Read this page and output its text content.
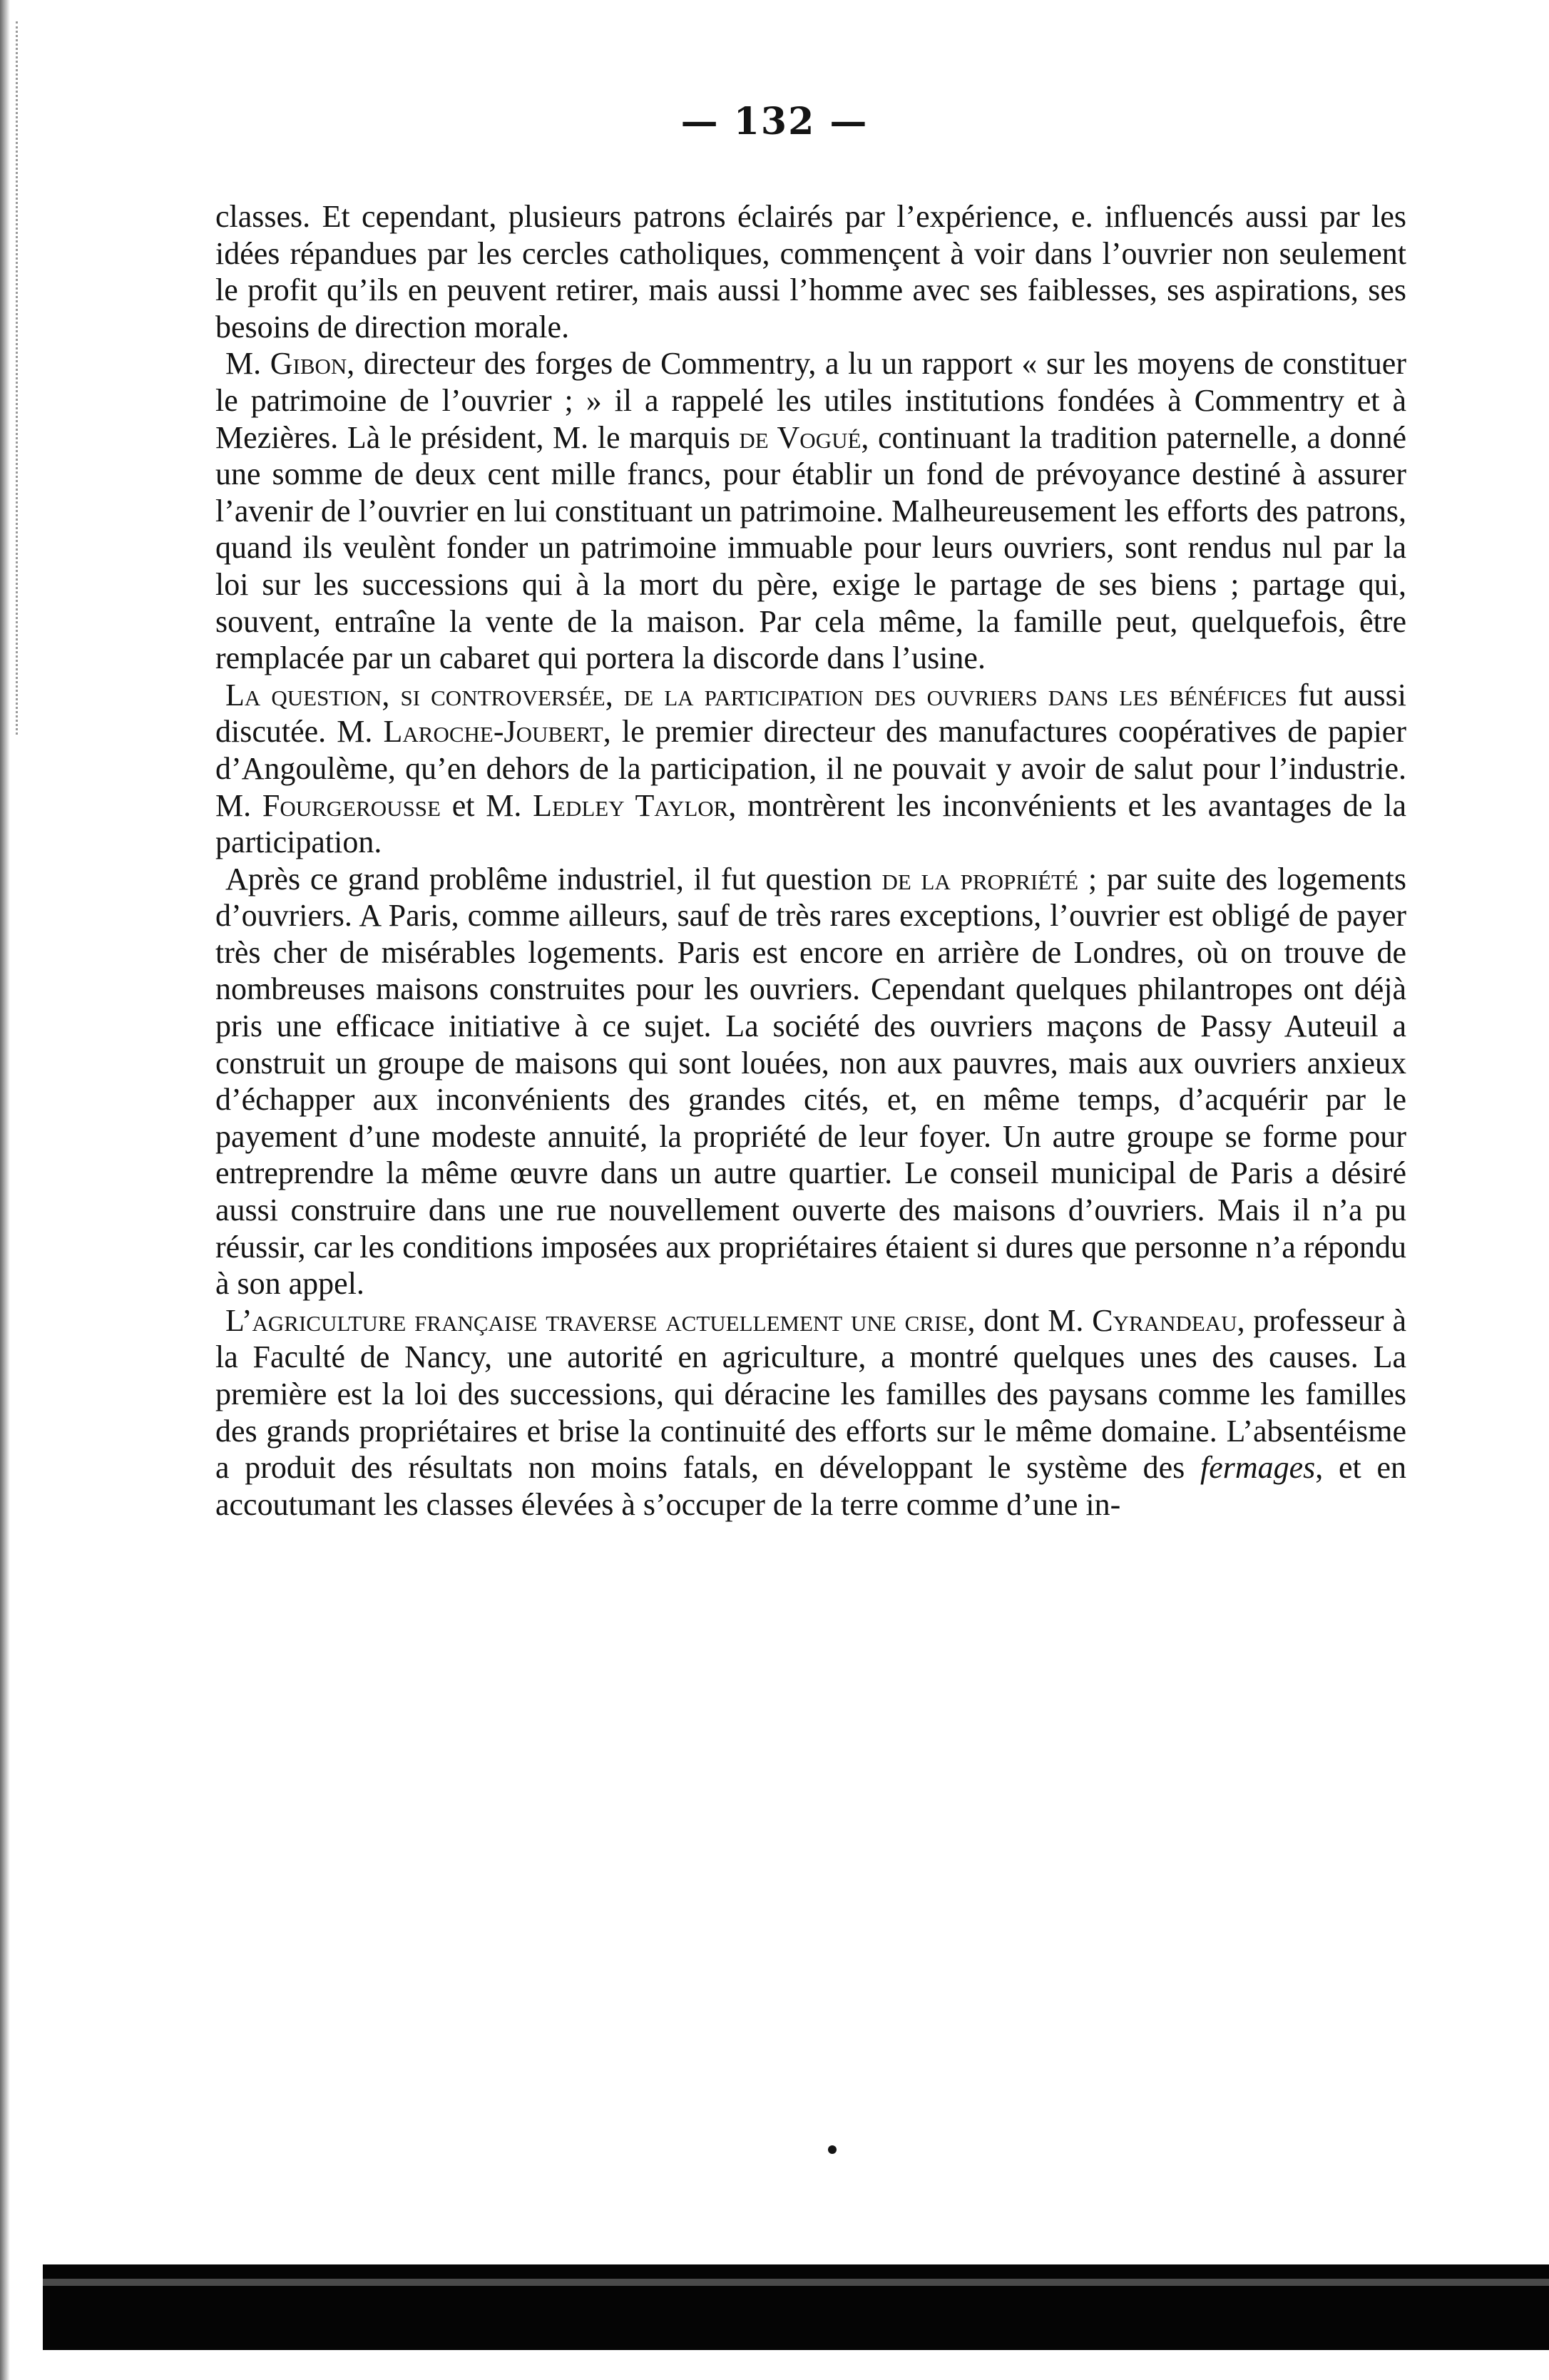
— 132 —

classes. Et cependant, plusieurs patrons éclairés par l’expérience, e. influencés aussi par les idées répandues par les cercles catholiques, commençent à voir dans l’ouvrier non seulement le profit qu’ils en peuvent retirer, mais aussi l’homme avec ses faiblesses, ses aspirations, ses besoins de direction morale.

M. Gibon, directeur des forges de Commentry, a lu un rapport « sur les moyens de constituer le patrimoine de l’ouvrier ; » il a rappelé les utiles institutions fondées à Commentry et à Mezières. Là le président, M. le marquis de Vogué, continuant la tradition paternelle, a donné une somme de deux cent mille francs, pour établir un fond de prévoyance destiné à assurer l’avenir de l’ouvrier en lui constituant un patrimoine. Malheureusement les efforts des patrons, quand ils veulènt fonder un patrimoine immuable pour leurs ouvriers, sont rendus nul par la loi sur les successions qui à la mort du père, exige le partage de ses biens ; partage qui, souvent, entraîne la vente de la maison. Par cela même, la famille peut, quelquefois, être remplacée par un cabaret qui portera la discorde dans l’usine.

La question, si controversée, de la participation des ouvriers dans les bénéfices fut aussi discutée. M. Laroche-Joubert, le premier directeur des manufactures coopératives de papier d’Angoulème, qu’en dehors de la participation, il ne pouvait y avoir de salut pour l’industrie. M. Fourgerousse et M. Ledley Taylor, montrèrent les inconvénients et les avantages de la participation.

Après ce grand problême industriel, il fut question de la propriété ; par suite des logements d’ouvriers. A Paris, comme ailleurs, sauf de très rares exceptions, l’ouvrier est obligé de payer très cher de misérables logements. Paris est encore en arrière de Londres, où on trouve de nombreuses maisons construites pour les ouvriers. Cependant quelques philantropes ont déjà pris une efficace initiative à ce sujet. La société des ouvriers maçons de Passy Auteuil a construit un groupe de maisons qui sont louées, non aux pauvres, mais aux ouvriers anxieux d’échapper aux inconvénients des grandes cités, et, en même temps, d’acquérir par le payement d’une modeste annuité, la propriété de leur foyer. Un autre groupe se forme pour entreprendre la même œuvre dans un autre quartier. Le conseil municipal de Paris a désiré aussi construire dans une rue nouvellement ouverte des maisons d’ouvriers. Mais il n’a pu réussir, car les conditions imposées aux propriétaires étaient si dures que personne n’a répondu à son appel.

L’agriculture française traverse actuellement une crise, dont M. Cyrandeau, professeur à la Faculté de Nancy, une autorité en agriculture, a montré quelques unes des causes. La première est la loi des successions, qui déracine les familles des paysans comme les familles des grands propriétaires et brise la continuité des efforts sur le même domaine. L’absentéisme a produit des résultats non moins fatals, en développant le système des fermages, et en accoutumant les classes élevées à s’occuper de la terre comme d’une in-
